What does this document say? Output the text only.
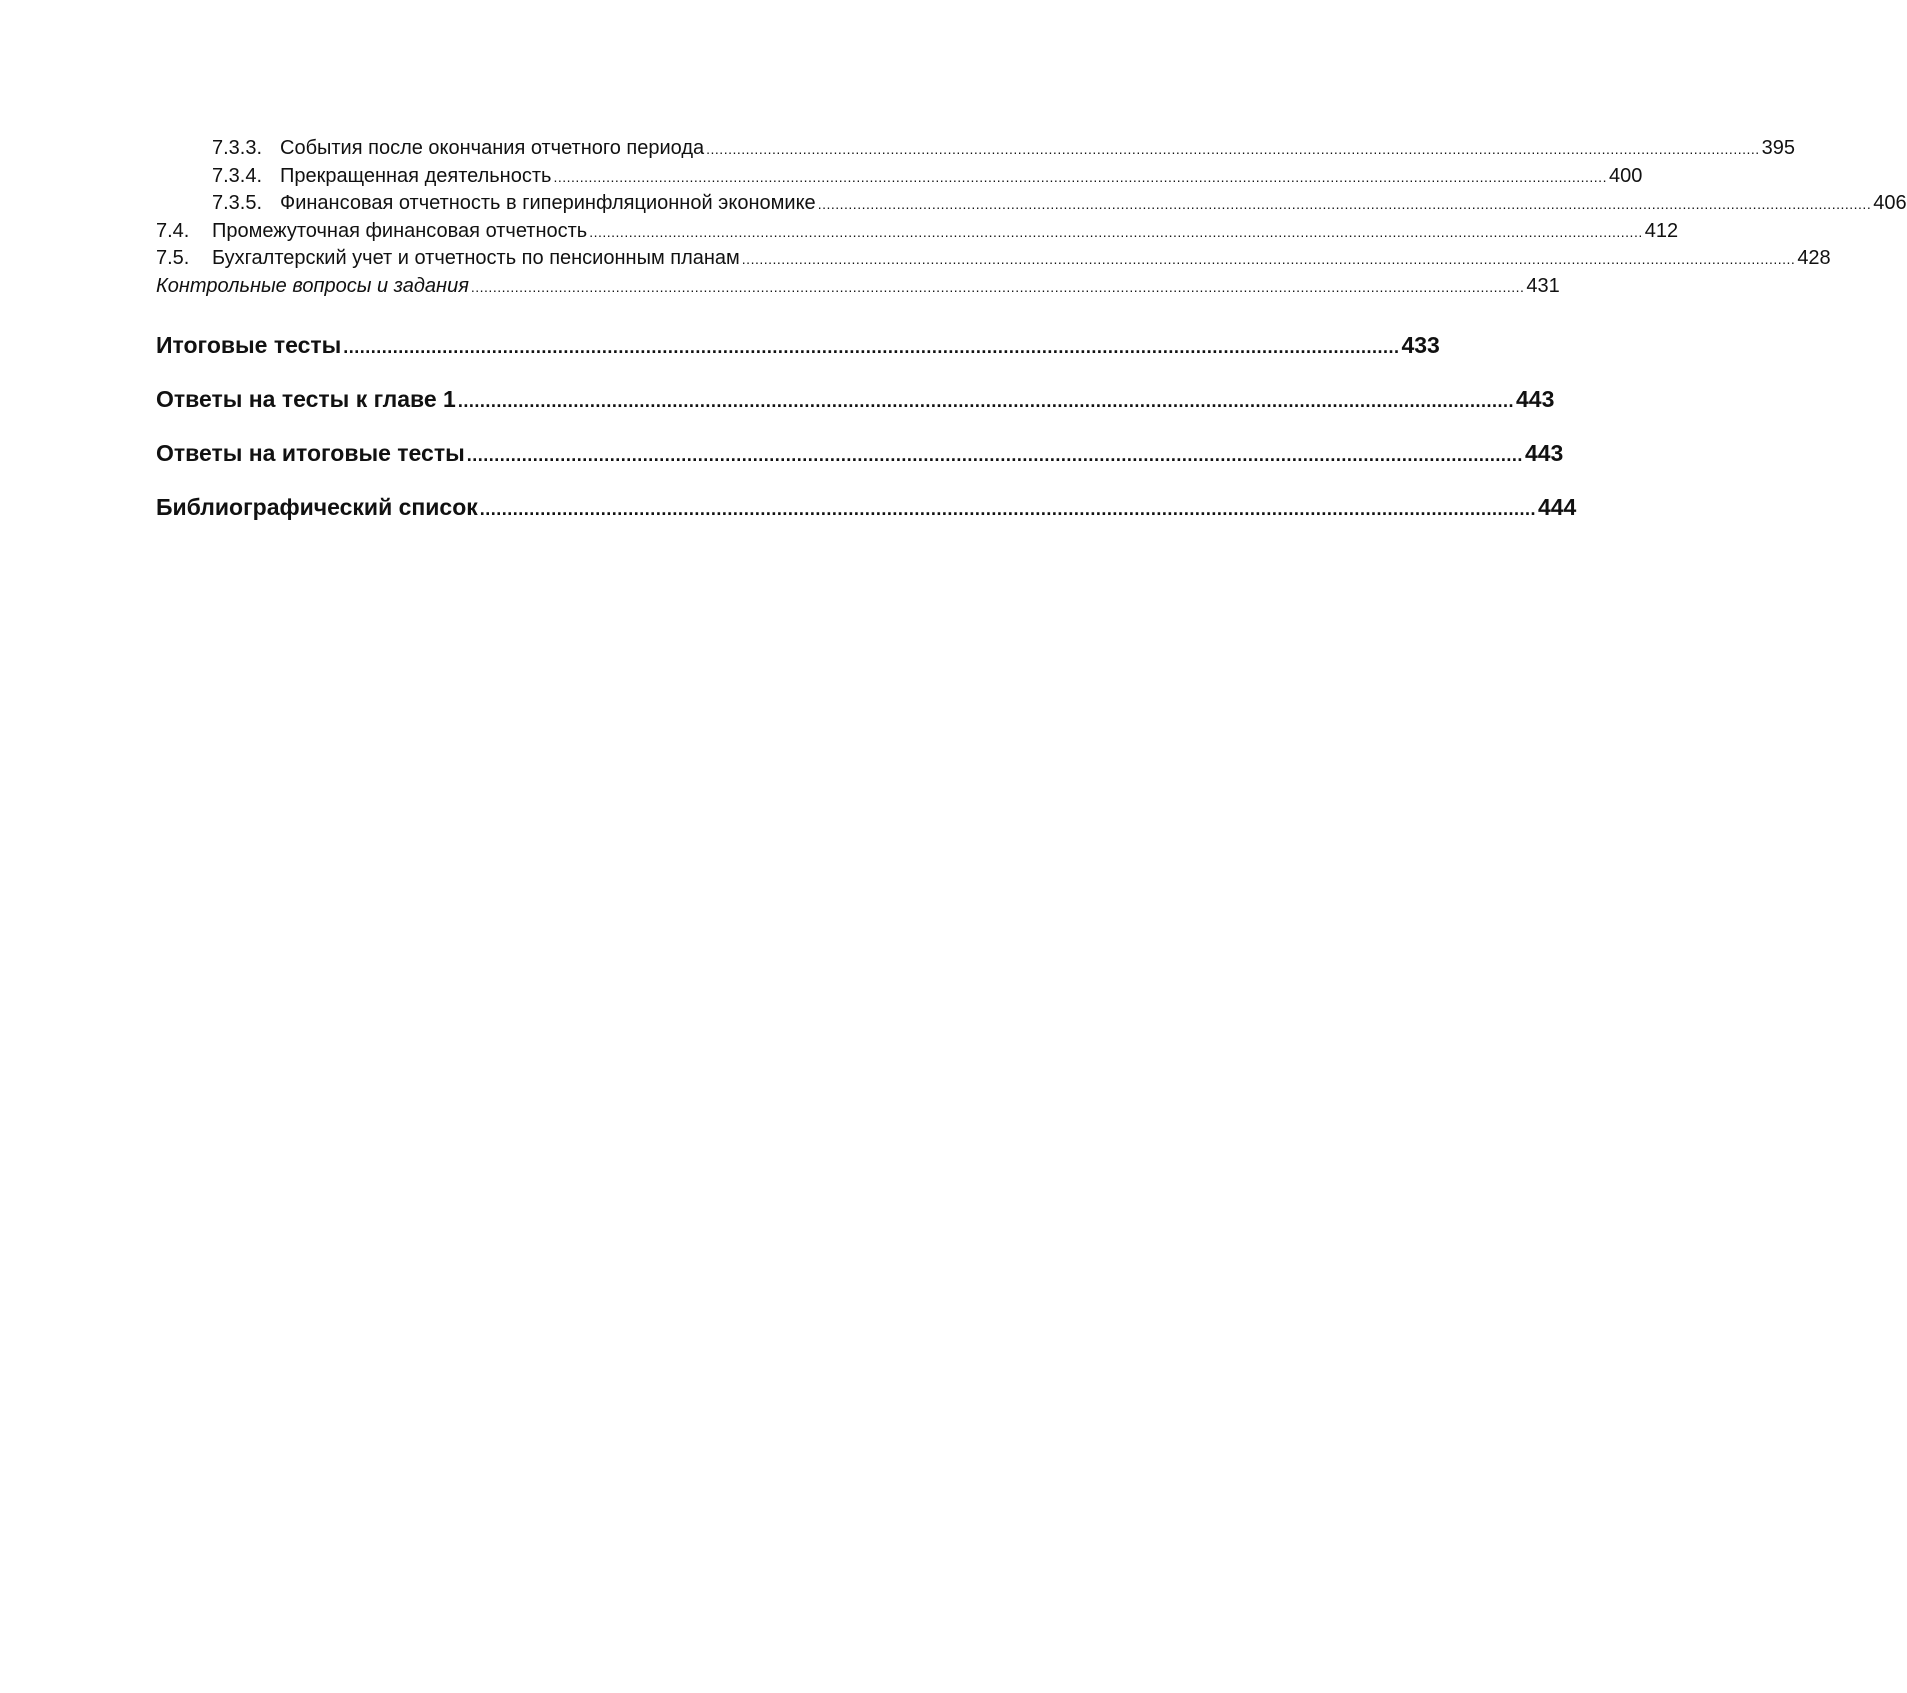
7.3.3. События после окончания отчетного периода ................................................................................................................................................................................................................................................ 395
7.3.4. Прекращенная деятельность ................................................................................................................................................................................................................................................ 400
7.3.5. Финансовая отчетность в гиперинфляционной экономике ................................................................................................................................................................................................................................................ 406
7.4.	Промежуточная финансовая отчетность ................................................................................................................................................................................................................................................ 412
7.5.	Бухгалтерский учет и отчетность по пенсионным планам ................................................................................................................................................................................................................................................ 428
Контрольные вопросы и задания ................................................................................................................................................................................................................................................ 431
Итоговые тесты ................................................................................................................................................................................................ 433
Ответы на тесты к главе 1 ................................................................................................................................................................................................ 443
Ответы на итоговые тесты ................................................................................................................................................................................................ 443
Библиографический список ................................................................................................................................................................................................ 444
